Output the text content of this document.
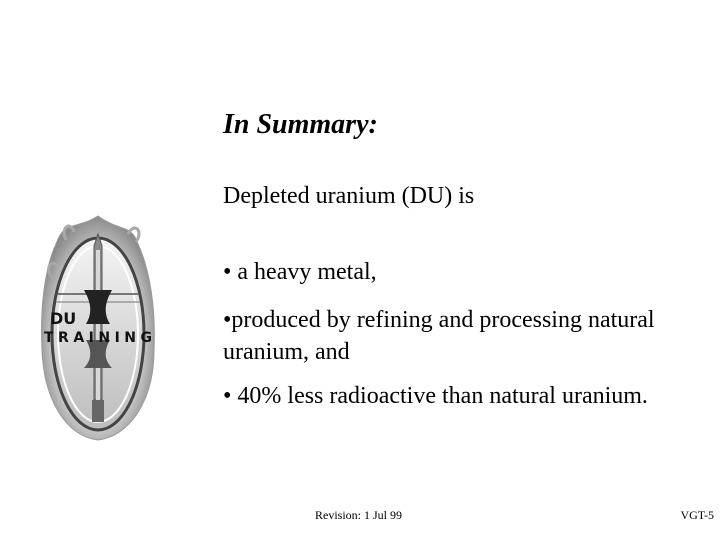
DU
TRAINING
In Summary:
Depleted uranium (DU) is
• a heavy metal,
•produced by refining and processing natural uranium, and
• 40% less radioactive than natural uranium.
Revision: 1 Jul 99	VGT-5
